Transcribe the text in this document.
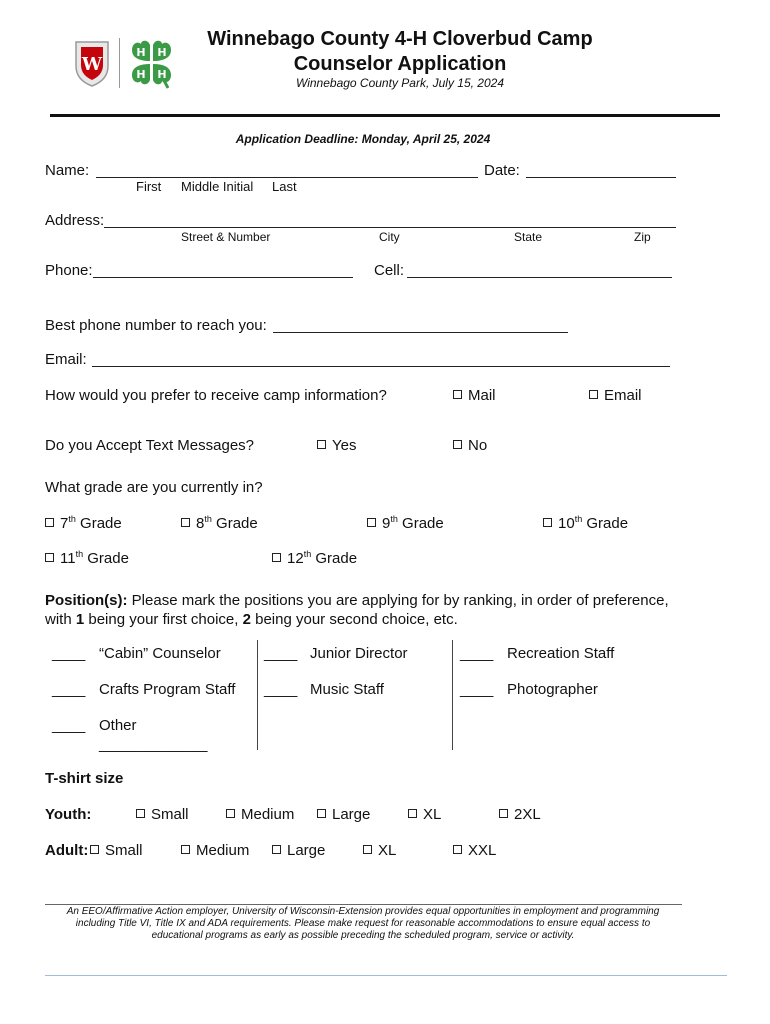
W
H H
H H
Winnebago County 4-H Cloverbud Camp
Counselor Application
Winnebago County Park, July 15, 2024
Application Deadline: Monday, April 25, 2024
Name:	Date:
First Middle Initial Last
Address:
Street & Number	City	State	Zip
Phone:	Cell:
Best phone number to reach you:
Email:
How would you prefer to receive camp information?	Mail	Email
Do you Accept Text Messages?	Yes	No
What grade are you currently in?
7th Grade	8th Grade	9th Grade	10th Grade
11th Grade	12th Grade
Position(s): Please mark the positions you are applying for by ranking, in order of preference,
with 1 being your first choice, 2 being your second choice, etc.
____ “Cabin” Counselor	____ Junior Director	____ Recreation Staff
____ Crafts Program Staff ____ Music Staff	____ Photographer
____ Other
_____________
T-shirt size
Youth:	Small	Medium	Large	XL	2XL
Adult:	Small	Medium	Large	XL	XXL
An EEO/Affirmative Action employer, University of Wisconsin-Extension provides equal opportunities in employment and programming
including Title VI, Title IX and ADA requirements. Please make request for reasonable accommodations to ensure equal access to
educational programs as early as possible preceding the scheduled program, service or activity.
